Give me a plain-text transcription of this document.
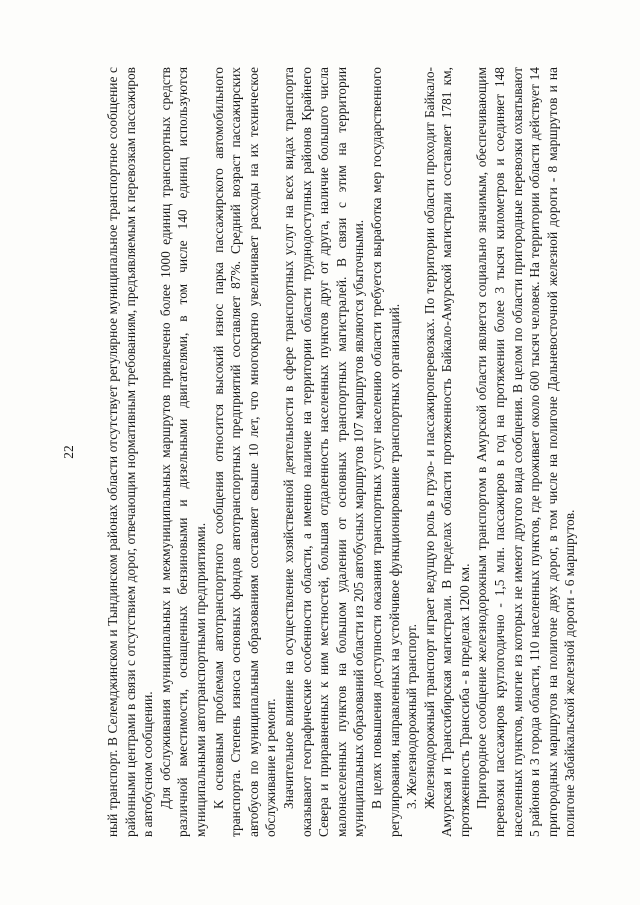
22 ный транспорт. В Селемджинском и Тындинском районах области отсутствует регулярное муниципальное транспортное сообщение с районными центрами в связи с отсутствием дорог, отвечающим нормативным требованиям, предъявляемым к перевозкам пассажиров в автобусном сообщении. Для обслуживания муниципальных и межмуниципальных маршрутов привлечено более 1000 единиц транспортных средств различной вместимости, оснащенных бензиновыми и дизельными двигателями, в том числе 140 единиц используются муниципальными автотранспортными предприятиями. К основным проблемам автотранспортного сообщения относится высокий износ парка пассажирского автомобильного транспорта. Степень износа основных фондов автотранспортных предприятий составляет 87%. Средний возраст пассажирских автобусов по муниципальным образованиям составляет свыше 10 лет, что многократно увеличивает расходы на их техническое обслуживание и ремонт. Значительное влияние на осуществление хозяйственной деятельности в сфере транспортных услуг на всех видах транспорта оказывают географические особенности области, а именно наличие на территории области труднодоступных районов Крайнего Севера и приравненных к ним местностей, большая отдаленность населенных пунктов друг от друга, наличие большого числа малонаселенных пунктов на большом удалении от основных транспортных магистралей. В связи с этим на территории муниципальных образований области из 205 автобусных маршрутов 107 маршрутов являются убыточными. В целях повышения доступности оказания транспортных услуг населению области требуется выработка мер государственного регулирования, направленных на устойчивое функционирование транспортных организаций. 3. Железнодорожный транспорт. Железнодорожный транспорт играет ведущую роль в грузо- и пассажироперевозках. По территории области проходит Байкало-Амурская и Транссибирская магистрали. В пределах области протяженность Байкало-Амурской магистрали составляет 1781 км, протяженность Транссиба - в пределах 1200 км. Пригородное сообщение железнодорожным транспортом в Амурской области является социально значимым, обеспечивающим перевозки пассажиров круглогодично - 1,5 млн. пассажиров в год на протяжении более 3 тысяч километров и соединяет 148 населенных пунктов, многие из которых не имеют другого вида сообщения. В целом по области пригородные перевозки охватывают 5 районов и 3 города области, 110 населенных пунктов, где проживает около 600 тысяч человек. На территории области действует 14 пригородных маршрутов на полигоне двух дорог, в том числе на полигоне Дальневосточной железной дороги - 8 маршрутов и на полигоне Забайкальской железной дороги - 6 маршрутов.
